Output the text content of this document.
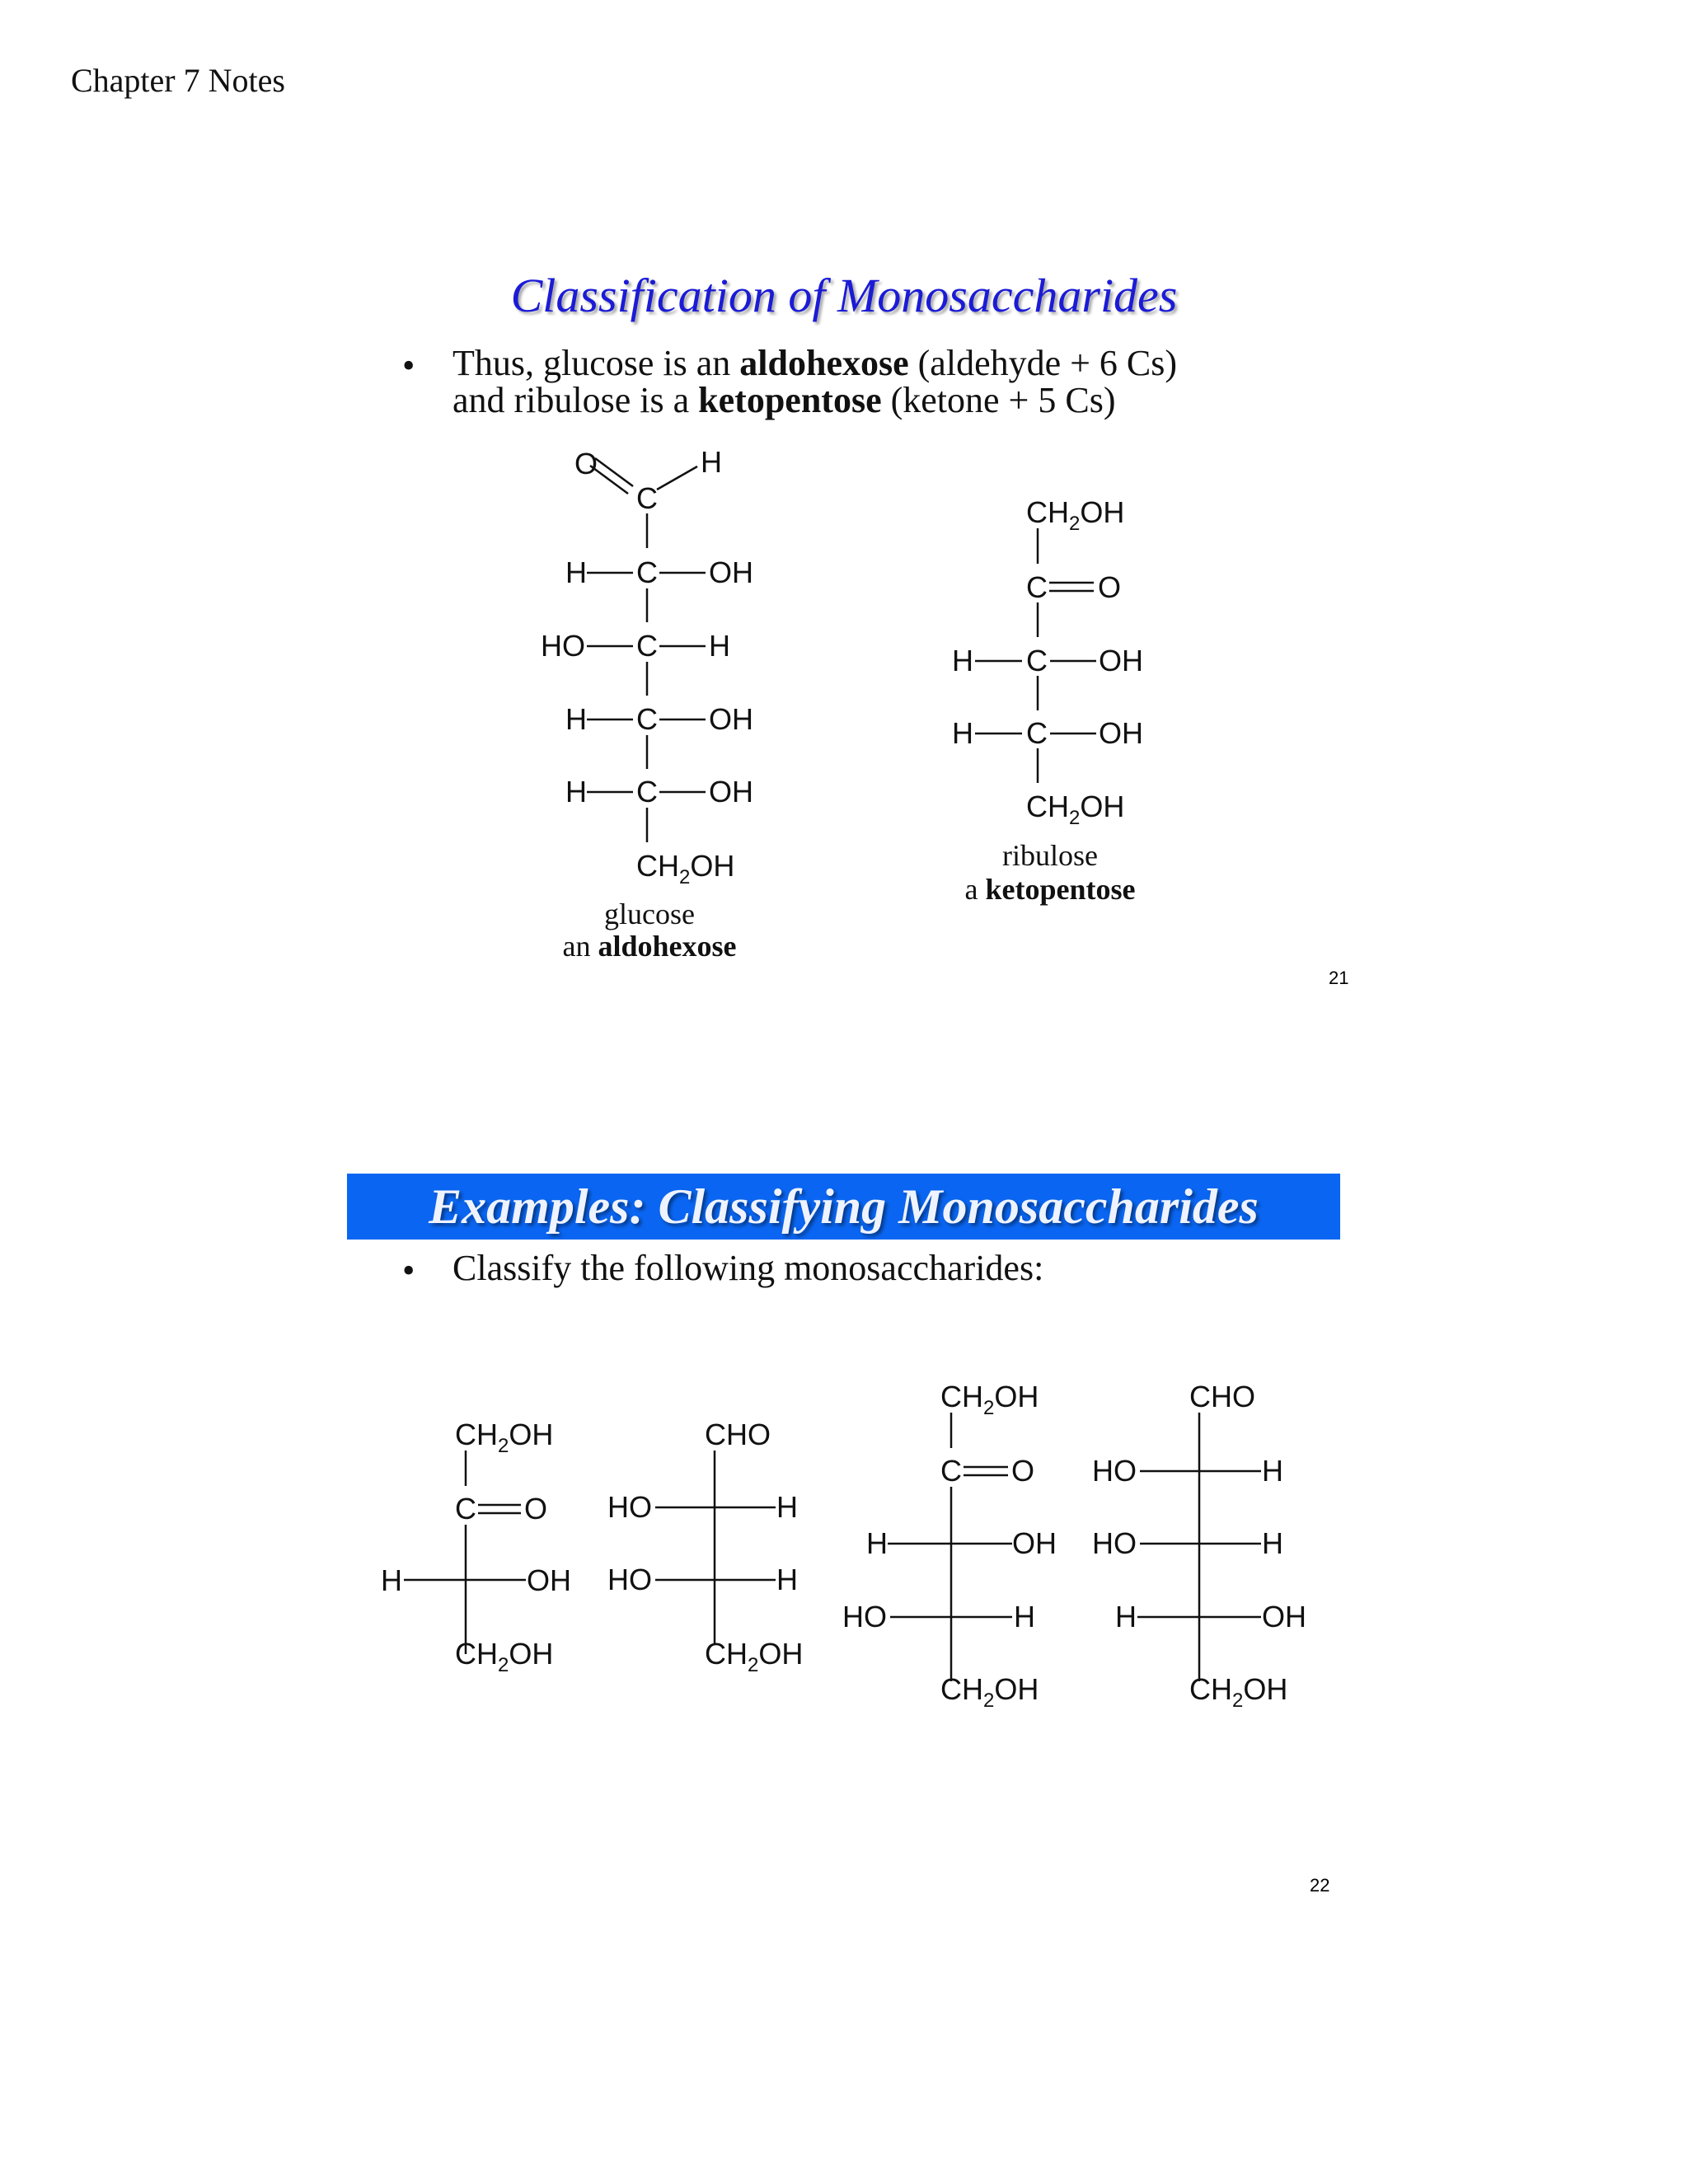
Chapter 7 Notes
Classification of Monosaccharides
• Thus, glucose is an aldohexose (aldehyde + 6 Cs)
and ribulose is a ketopentose (ketone + 5 Cs)
O	H
C
H C OH
HO C H
H C OH
H C OH
$CH_2OH$
glucose
an aldohexose
$CH_2OH$
C O
H C OH
H C OH
$CH_2OH$
ribulose
a ketopentose
21
Examples: Classifying Monosaccharides
• Classify the following monosaccharides:
$CH_2OH$
C O
H	OH
$CH_2OH$
CHO
HO	H
HO	H
$CH_2OH$
$CH_2OH$
C O
H	OH
HO	H
$CH_2OH$
CHO
HO	H
HO	H
H	OH
$CH_2OH$
22
